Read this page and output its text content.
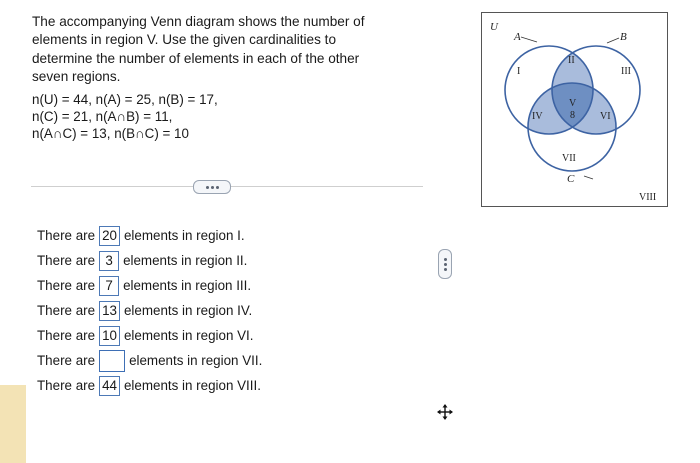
The accompanying Venn diagram shows the number of

elements in region V. Use the given cardinalities to

determine the number of elements in each of the other

seven regions.

n(U) = 44, n(A) = 25, n(B) = 17,

n(C) = 21, n(A∩B) = 11,

n(A∩C) = 13, n(B∩C) = 10

There are 20 elements in region I.
There are 3 elements in region II.
There are 7 elements in region III.
There are 13 elements in region IV.
There are 10 elements in region VI.
There are	elements in region VII.
There are 44 elements in region VIII.
U
A	B
C
I
II
III
IV
V
8	VI
VII
VIII
